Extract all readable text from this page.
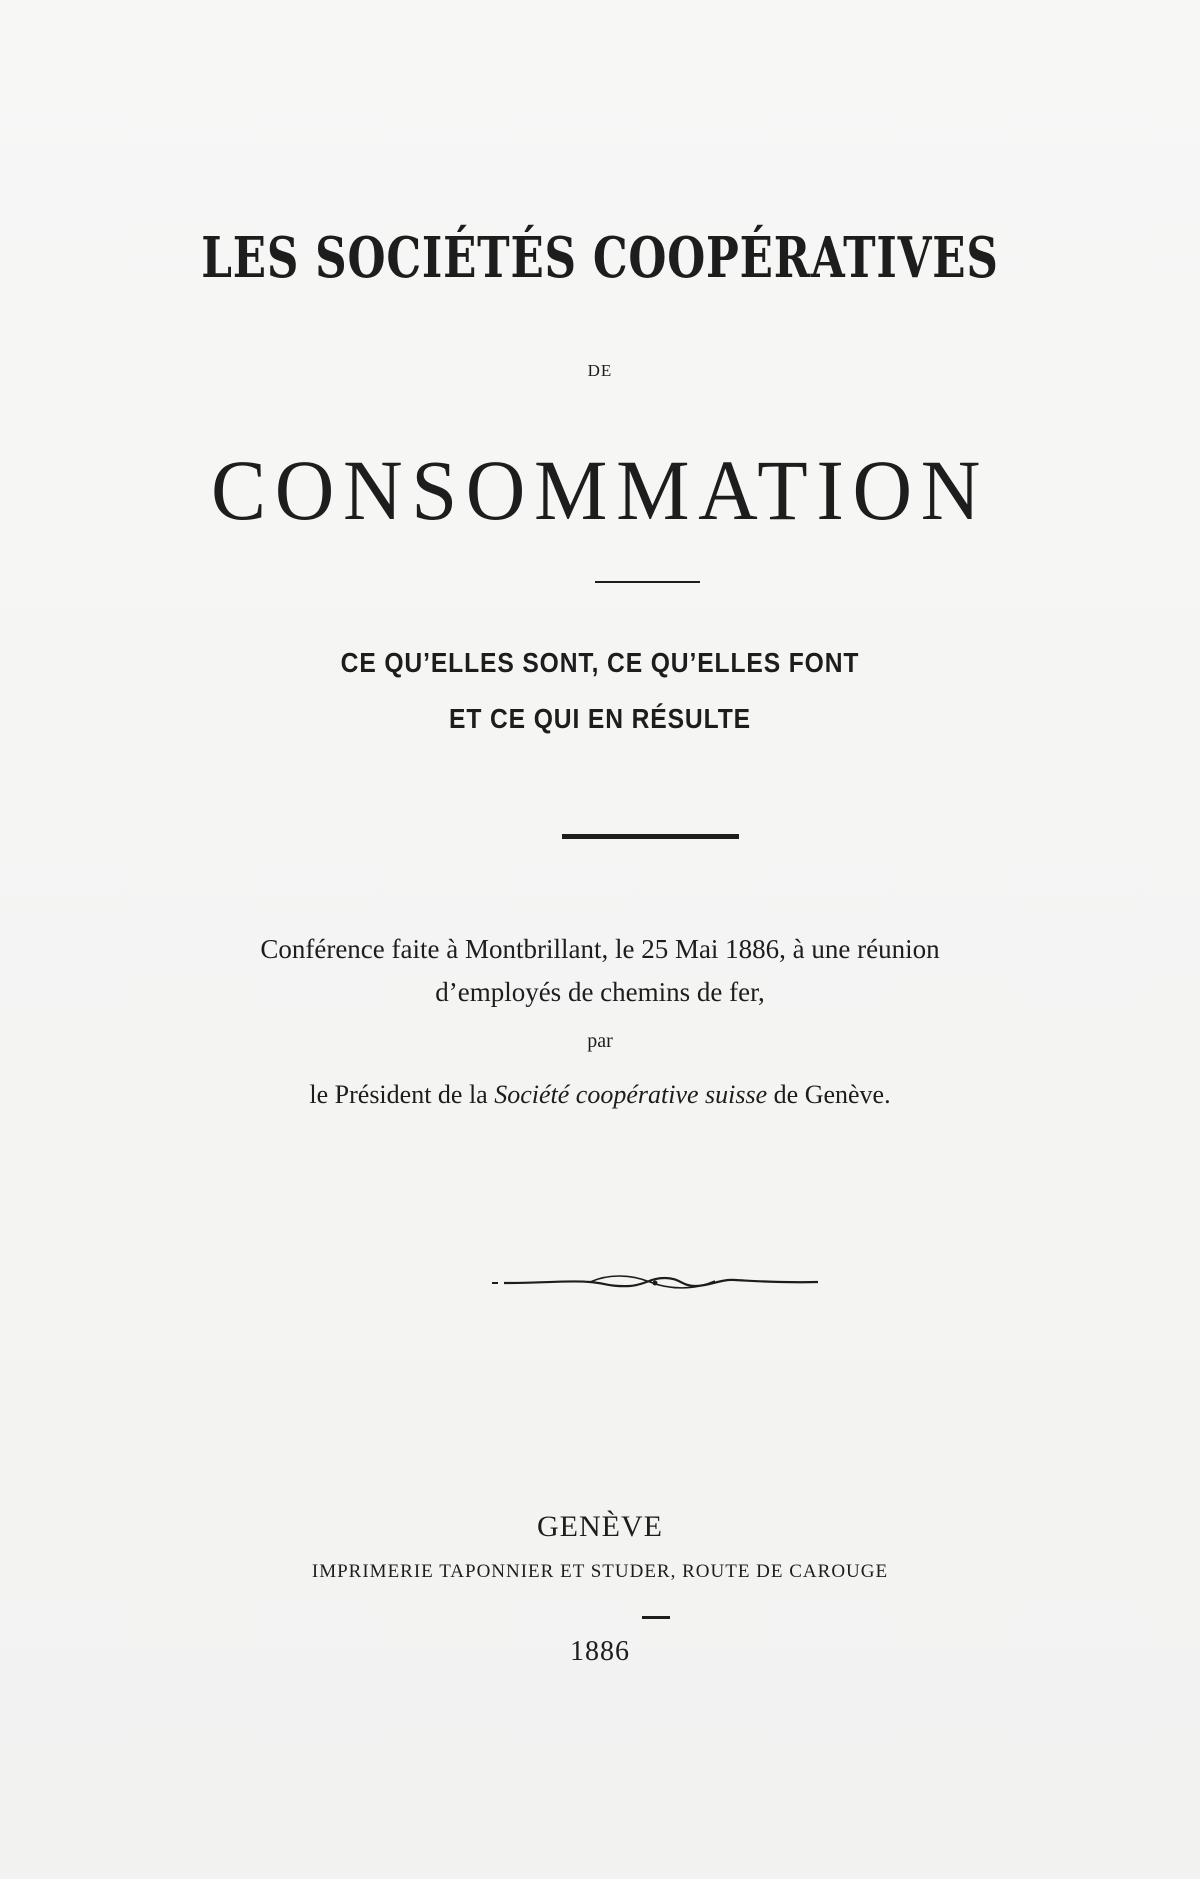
LES SOCIÉTÉS COOPÉRATIVES
DE
CONSOMMATION
CE QU’ELLES SONT, CE QU’ELLES FONT
ET CE QUI EN RÉSULTE
Conférence faite à Montbrillant, le 25 Mai 1886, à une réunion
d’employés de chemins de fer,
par
le Président de la Société coopérative suisse de Genève.
GENÈVE
IMPRIMERIE TAPONNIER ET STUDER, ROUTE DE CAROUGE
1886
